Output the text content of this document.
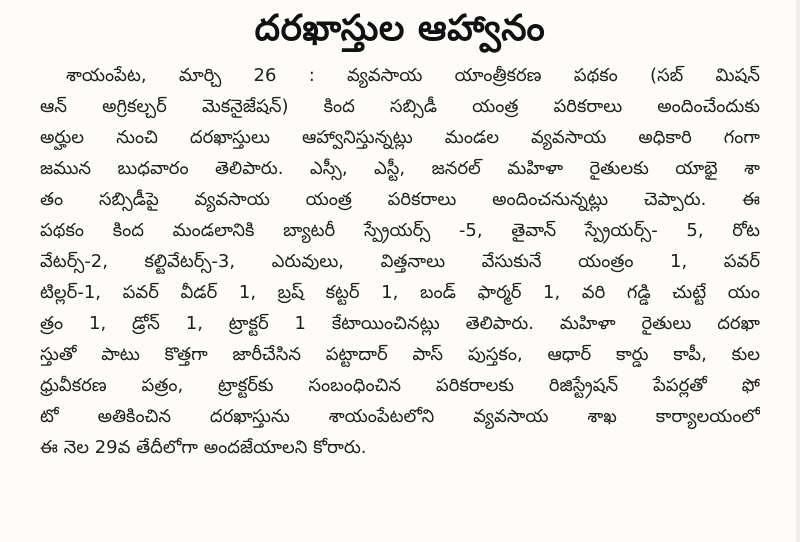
దరఖాస్తుల ఆహ్వానం
శాయంపేట, మార్చి 26 : వ్యవసాయ యాంత్రీకరణ పథకం (సబ్ మిషన్
ఆన్ అగ్రికల్చర్ మెకనైజేషన్) కింద సబ్సిడీ యంత్ర పరికరాలు అందించేందుకు
అర్హుల నుంచి దరఖాస్తులు ఆహ్వానిస్తున్నట్లు మండల వ్యవసాయ అధికారి గంగా
జమున బుధవారం తెలిపారు. ఎస్సీ, ఎస్టీ, జనరల్ మహిళా రైతులకు యాభై శా
తం సబ్సిడీపై వ్యవసాయ యంత్ర పరికరాలు అందించనున్నట్లు చెప్పారు. ఈ
పథకం కింద మండలానికి బ్యాటరీ స్ప్రేయర్స్ -5, తైవాన్ స్ప్రేయర్స్- 5, రోట
వేటర్స్-2, కల్టివేటర్స్-3, ఎరువులు, విత్తనాలు వేసుకునే యంత్రం 1, పవర్
టిల్లర్-1, పవర్ వీడర్ 1, బ్రష్ కట్టర్ 1, బండ్ ఫార్మర్ 1, వరి గడ్డి చుట్టే యం
త్రం 1, డ్రోన్ 1, ట్రాక్టర్ 1 కేటాయించినట్లు తెలిపారు. మహిళా రైతులు దరఖా
స్తుతో పాటు కొత్తగా జారీచేసిన పట్టాదార్ పాస్ పుస్తకం, ఆధార్ కార్డు కాపీ, కుల
ధ్రువీకరణ పత్రం, ట్రాక్టర్‌కు సంబంధించిన పరికరాలకు రిజిస్ట్రేషన్ పేపర్లతో ఫో
టో అతికించిన దరఖాస్తును శాయంపేటలోని వ్యవసాయ శాఖ కార్యాలయంలో
ఈ నెల 29వ తేదీలోగా అందజేయాలని కోరారు.
